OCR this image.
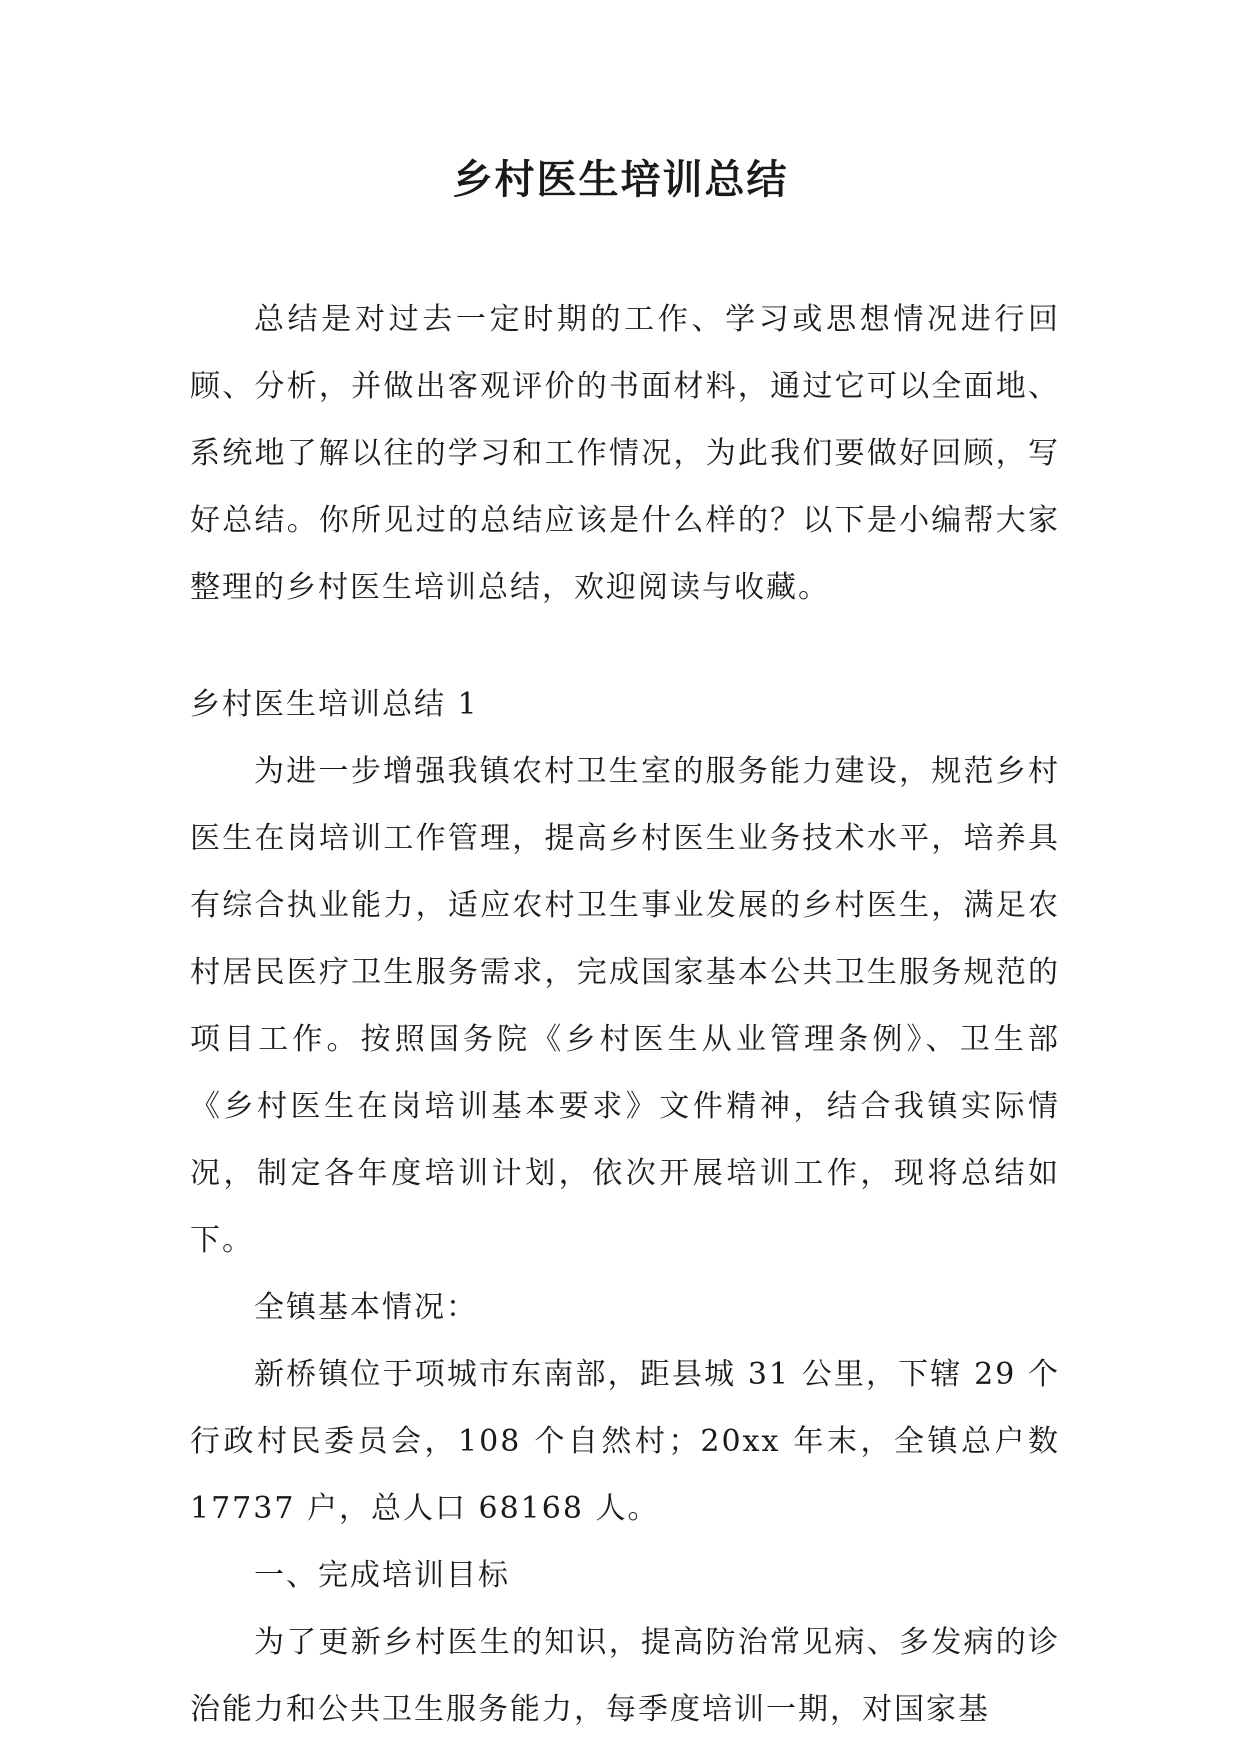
乡村医生培训总结

总结是对过去一定时期的工作、学习或思想情况进行回顾、分析，并做出客观评价的书面材料，通过它可以全面地、系统地了解以往的学习和工作情况，为此我们要做好回顾，写好总结。你所见过的总结应该是什么样的？以下是小编帮大家整理的乡村医生培训总结，欢迎阅读与收藏。

乡村医生培训总结 1

为进一步增强我镇农村卫生室的服务能力建设，规范乡村医生在岗培训工作管理，提高乡村医生业务技术水平，培养具有综合执业能力，适应农村卫生事业发展的乡村医生，满足农村居民医疗卫生服务需求，完成国家基本公共卫生服务规范的项目工作。按照国务院《乡村医生从业管理条例》、卫生部《乡村医生在岗培训基本要求》文件精神，结合我镇实际情况，制定各年度培训计划，依次开展培训工作，现将总结如下。

全镇基本情况：

新桥镇位于项城市东南部，距县城 31 公里，下辖 29 个行政村民委员会，108 个自然村；20xx 年末，全镇总户数 17737 户，总人口 68168 人。

一、完成培训目标

为了更新乡村医生的知识，提高防治常见病、多发病的诊治能力和公共卫生服务能力，每季度培训一期，对国家基
